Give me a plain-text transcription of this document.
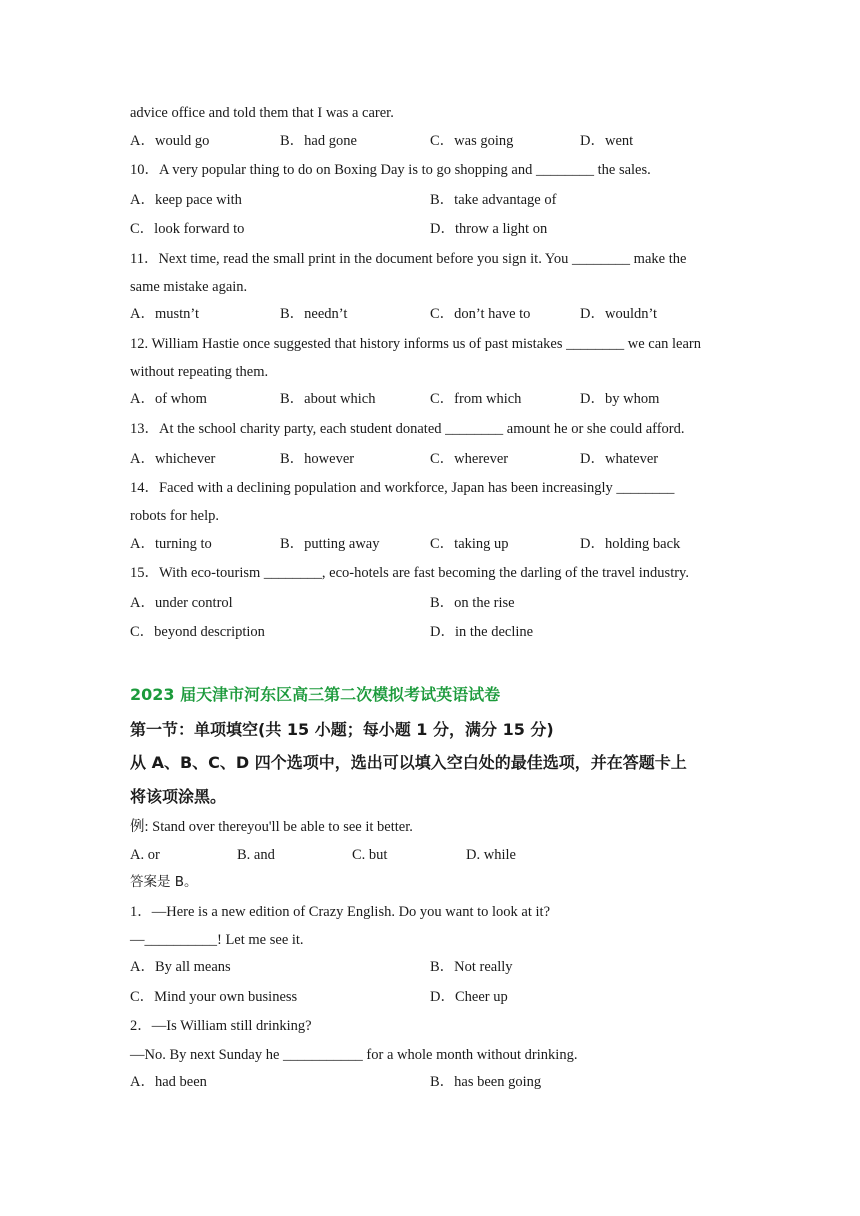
advice office and told them that I was a carer.
A．would go	B．had gone	C．was going	D．went
10．A very popular thing to do on Boxing Day is to go shopping and ________ the sales.
A．keep pace with	B．take advantage of
C．look forward to	D．throw a light on
11．Next time, read the small print in the document before you sign it. You ________ make the
same mistake again.
A．mustn’t	B．needn’t	C．don’t have to	D．wouldn’t
12. William Hastie once suggested that history informs us of past mistakes ________ we can learn
without repeating them.
A．of whom	B．about which	C．from which	D．by whom
13．At the school charity party, each student donated ________ amount he or she could afford.
A．whichever	B．however	C．wherever	D．whatever
14．Faced with a declining population and workforce, Japan has been increasingly ________
robots for help.
A．turning to	B．putting away	C．taking up	D．holding back
15．With eco-tourism ________, eco-hotels are fast becoming the darling of the travel industry.
A．under control	B．on the rise
C．beyond description	D．in the decline
2023 届天津市河东区高三第二次模拟考试英语试卷
第一节：单项填空(共 15 小题；每小题 1 分，满分 15 分)
从 A、B、C、D 四个选项中，选出可以填入空白处的最佳选项，并在答题卡上
将该项涂黑。
例: Stand over thereyou'll be able to see it better.
A. or	B. and	C. but	D. while
答案是 B。
1．—Here is a new edition of Crazy English. Do you want to look at it?
—__________! Let me see it.
A．By all means	B．Not really
C．Mind your own business	D．Cheer up
2．—Is William still drinking?
—No. By next Sunday he ___________ for a whole month without drinking.
A．had been	B．has been going
